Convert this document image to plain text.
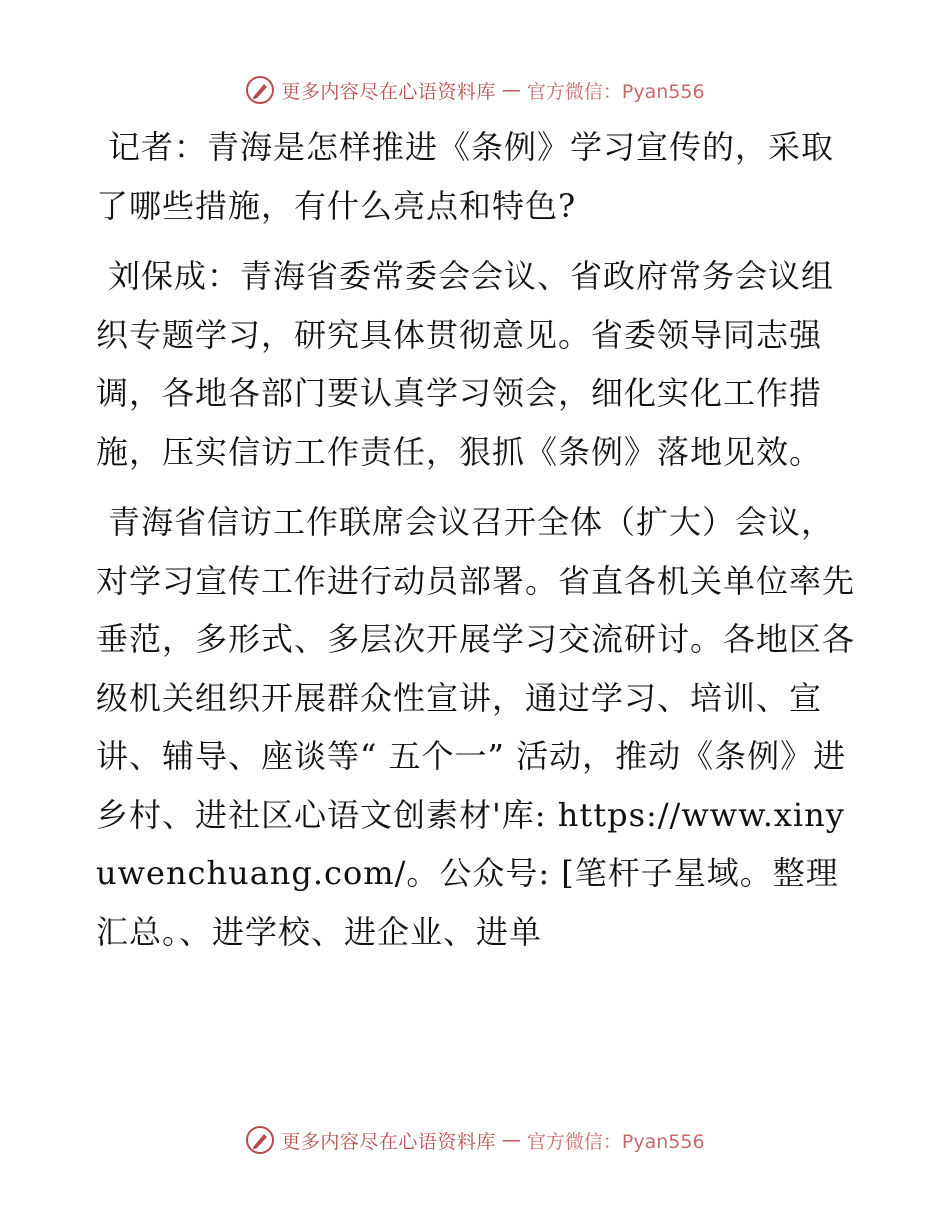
更多内容尽在心语资料库 — 官方微信：Pyan556

记者：青海是怎样推进《条例》学习宣传的，采取了哪些措施，有什么亮点和特色?

刘保成：青海省委常委会会议、省政府常务会议组织专题学习，研究具体贯彻意见。省委领导同志强调，各地各部门要认真学习领会，细化实化工作措施，压实信访工作责任，狠抓《条例》落地见效。

青海省信访工作联席会议召开全体（扩大）会议，对学习宣传工作进行动员部署。省直各机关单位率先垂范，多形式、多层次开展学习交流研讨。各地区各级机关组织开展群众性宣讲，通过学习、培训、宣讲、辅导、座谈等“ 五个一” 活动，推动《条例》进乡村、进社区心语文创素材'库: https://www.xinyuwenchuang.com/。公众号: [笔杆子星域。整理汇总。、进学校、进企业、进单

更多内容尽在心语资料库 — 官方微信：Pyan556
